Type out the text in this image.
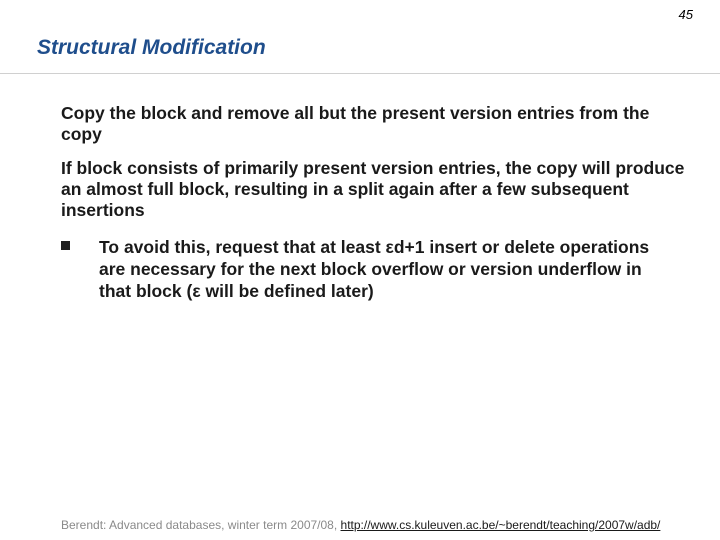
45
Structural Modification
Copy the block and remove all but the present version entries from the copy
If block consists of primarily present version entries, the copy will produce an almost full block, resulting in a split again after a few subsequent insertions
To avoid this, request that at least εd+1 insert or delete operations are necessary for the next block overflow or version underflow in that block (ε will be defined later)
Berendt: Advanced databases, winter term 2007/08, http://www.cs.kuleuven.ac.be/~berendt/teaching/2007w/adb/
